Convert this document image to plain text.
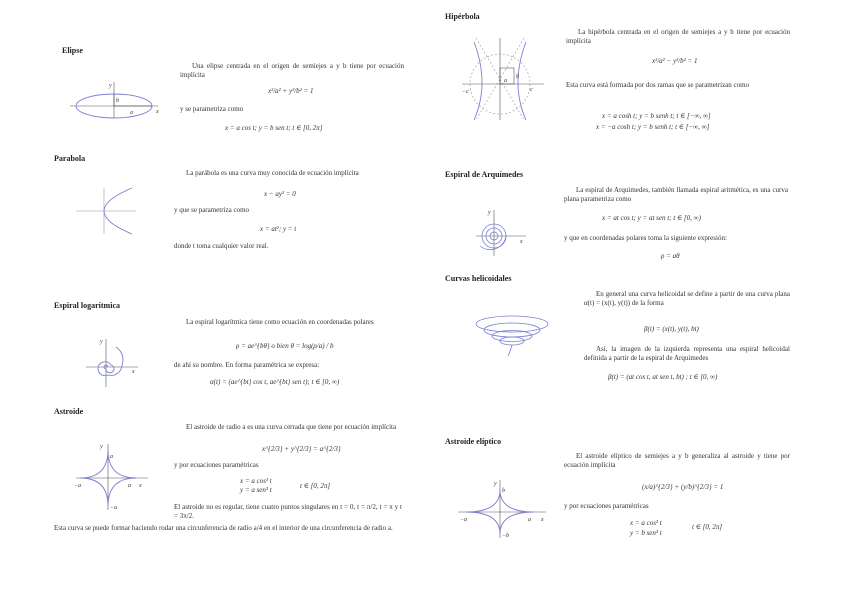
Elipse
y
x
b
a
Una elipse centrada en el origen de semiejes a y b tiene por ecuación implícita
x²/a² + y²/b² = 1
y se parametriza como
x = a cos t; y = b sen t; t ∈ [0, 2π]
Parabola
La parábola es una curva muy conocida de ecuación implícita
x − ay² = 0
y que se parametriza como
x = at²; y = t
donde t toma cualquier valor real.
Espiral logarítmica
y
x
La espiral logarítmica tiene como ecuación en coordenadas polares
ρ = ae^{bθ} o bien θ = log(ρ/a) / b
de ahí su nombre. En forma paramétrica se expresa:
α(t) = (ae^{bt} cos t, ae^{bt} sen t); t ∈ [0, ∞)
Astroide
y
a
−a	a x
−a
El astroide de radio a es una curva cerrada que tiene por ecuación implícita
x^{2/3} + y^{2/3} = a^{2/3}
y por ecuaciones paramétricas
x = a cos³ t
y = a sen³ t	t ∈ [0, 2π]
El astroide no es regular, tiene cuatro puntos singulares en t = 0, t = π/2, t = π y t = 3π/2.
Esta curva se puede formar haciendo rodar una circunferencia de radio a/4 en el interior de una circunferencia de radio a.
Hipérbola
−c
a
b
c
La hipérbola centrada en el origen de semiejes a y b tiene por ecuación implícita
x²/a² − y²/b² = 1
Esta curva está formada por dos ramas que se parametrizan como
x = a cosh t; y = b senh t; t ∈ [−∞, ∞]
x = −a cosh t; y = b senh t; t ∈ [−∞, ∞]
Espiral de Arquímedes
y
x
La espiral de Arquimedes, también llamada espiral aritmética, es una curva plana parametriza como
x = at cos t; y = at sen t; t ∈ [0, ∞)
y que en coordenadas polares toma la siguiente expresión:
ρ = aθ
Curvas helicoidales
En general una curva helicoidal se define a partir de una curva plana α(t) = (x(t), y(t)) de la forma
β(t) = (x(t), y(t), bt)
Así, la imagen de la izquierda representa una espiral helicoidal definida a partir de la espiral de Arquimedes
β(t) = (at cos t, at sen t, bt) ; t ∈ [0, ∞)
Astroide elíptico
y
b
−a	a x
−b
El astroide elíptico de semiejes a y b generaliza al astroide y tiene por ecuación implícita
(x/a)^{2/3} + (y/b)^{2/3} = 1
y por ecuaciones paramétricas
x = a cos³ t
y = b sen³ t
t ∈ [0, 2π]
